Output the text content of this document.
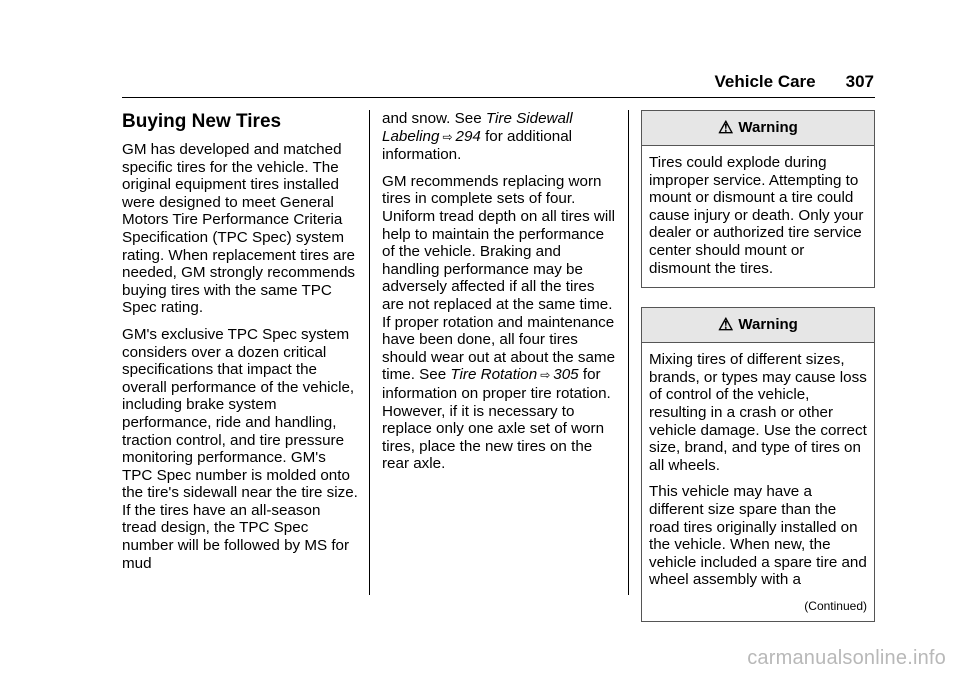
Vehicle Care 307
Buying New Tires

GM has developed and matched specific tires for the vehicle. The original equipment tires installed were designed to meet General Motors Tire Performance Criteria Specification (TPC Spec) system rating. When replacement tires are needed, GM strongly recommends buying tires with the same TPC Spec rating.

GM's exclusive TPC Spec system considers over a dozen critical specifications that impact the overall performance of the vehicle, including brake system performance, ride and handling, traction control, and tire pressure monitoring performance. GM's TPC Spec number is molded onto the tire's sidewall near the tire size. If the tires have an all-season tread design, the TPC Spec number will be followed by MS for mud

and snow. See Tire Sidewall Labeling ⇨ 294 for additional information.

GM recommends replacing worn tires in complete sets of four. Uniform tread depth on all tires will help to maintain the performance of the vehicle. Braking and handling performance may be adversely affected if all the tires are not replaced at the same time. If proper rotation and maintenance have been done, all four tires should wear out at about the same time. See Tire Rotation ⇨ 305 for information on proper tire rotation. However, if it is necessary to replace only one axle set of worn tires, place the new tires on the rear axle.

⚠ Warning

Tires could explode during improper service. Attempting to mount or dismount a tire could cause injury or death. Only your dealer or authorized tire service center should mount or dismount the tires.

⚠ Warning

Mixing tires of different sizes, brands, or types may cause loss of control of the vehicle, resulting in a crash or other vehicle damage. Use the correct size, brand, and type of tires on all wheels.

This vehicle may have a different size spare than the road tires originally installed on the vehicle. When new, the vehicle included a spare tire and wheel assembly with a

(Continued)
carmanualsonline.info
